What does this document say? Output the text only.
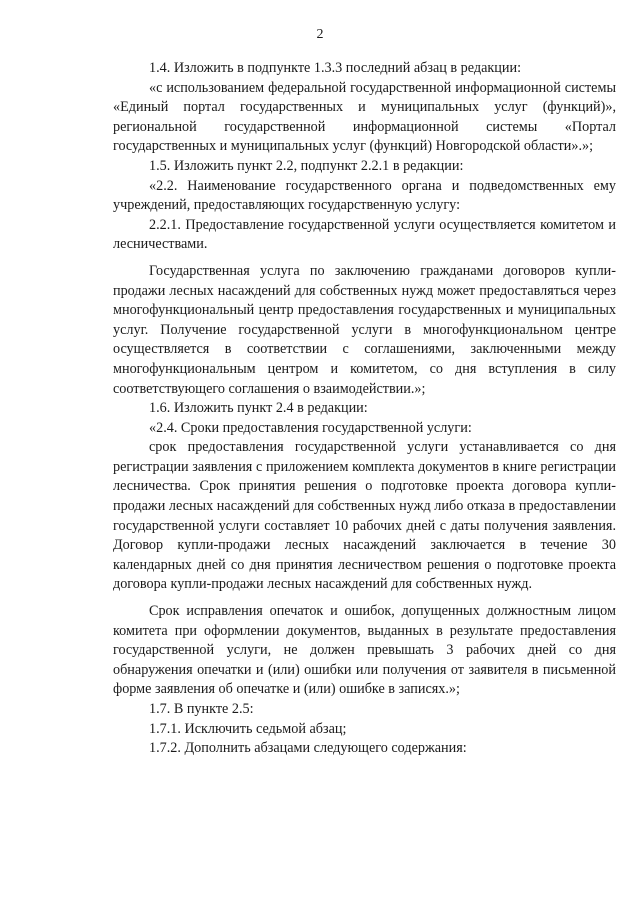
2

1.4. Изложить в подпункте 1.3.3 последний абзац в редакции:

«с использованием федеральной государственной информационной системы «Единый портал государственных и муниципальных услуг (функций)», региональной государственной информационной системы «Портал государственных и муниципальных услуг (функций) Новгородской области».»;

1.5. Изложить пункт 2.2, подпункт 2.2.1 в редакции:

«2.2. Наименование государственного органа и подведомственных ему учреждений, предоставляющих государственную услугу:

2.2.1. Предоставление государственной услуги осуществляется комитетом и лесничествами.

Государственная услуга по заключению гражданами договоров купли-продажи лесных насаждений для собственных нужд может предоставляться через многофункциональный центр предоставления государственных и муниципальных услуг. Получение государственной услуги в многофункциональном центре осуществляется в соответствии с соглашениями, заключенными между многофункциональным центром и комитетом, со дня вступления в силу соответствующего соглашения о взаимодействии.»;

1.6. Изложить пункт 2.4 в редакции:

«2.4. Сроки предоставления государственной услуги:

срок предоставления государственной услуги устанавливается со дня регистрации заявления с приложением комплекта документов в книге регистрации лесничества. Срок принятия решения о подготовке проекта договора купли-продажи лесных насаждений для собственных нужд либо отказа в предоставлении государственной услуги составляет 10 рабочих дней с даты получения заявления. Договор купли-продажи лесных насаждений заключается в течение 30 календарных дней со дня принятия лесничеством решения о подготовке проекта договора купли-продажи лесных насаждений для собственных нужд.

Срок исправления опечаток и ошибок, допущенных должностным лицом комитета при оформлении документов, выданных в результате предоставления государственной услуги, не должен превышать 3 рабочих дней со дня обнаружения опечатки и (или) ошибки или получения от заявителя в письменной форме заявления об опечатке и (или) ошибке в записях.»;

1.7. В пункте 2.5:

1.7.1. Исключить седьмой абзац;

1.7.2. Дополнить абзацами следующего содержания:
